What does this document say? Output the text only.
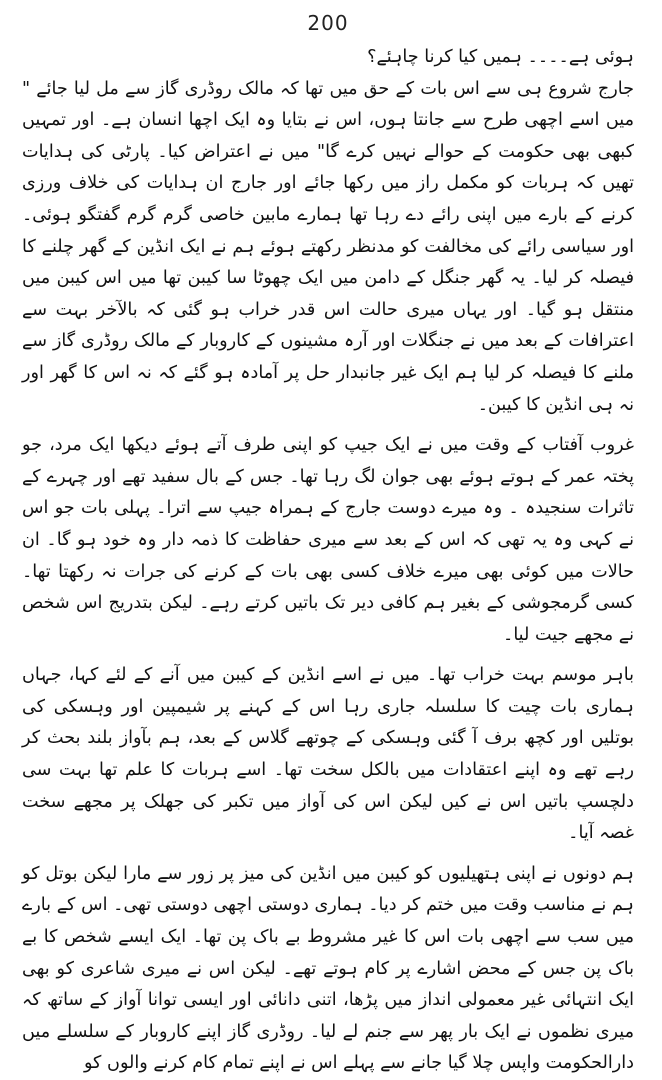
200

ہوئی ہے۔۔۔۔ ہمیں کیا کرنا چاہئے؟

جارج شروع ہی سے اس بات کے حق میں تھا کہ مالک روڈری گاز سے مل لیا جائے " میں اسے اچھی طرح سے جانتا ہوں، اس نے بتایا وہ ایک اچھا انسان ہے۔ اور تمہیں کبھی بھی حکومت کے حوالے نہیں کرے گا" میں نے اعتراض کیا۔ پارٹی کی ہدایات تھیں کہ ہربات کو مکمل راز میں رکھا جائے اور جارج ان ہدایات کی خلاف ورزی کرنے کے بارے میں اپنی رائے دے رہا تھا ہمارے مابین خاصی گرم گرم گفتگو ہوئی۔ اور سیاسی رائے کی مخالفت کو مدنظر رکھتے ہوئے ہم نے ایک انڈین کے گھر چلنے کا فیصلہ کر لیا۔ یہ گھر جنگل کے دامن میں ایک چھوٹا سا کیبن تھا میں اس کیبن میں منتقل ہو گیا۔ اور یہاں میری حالت اس قدر خراب ہو گئی کہ بالآخر بہت سے اعترافات کے بعد میں نے جنگلات اور آرہ مشینوں کے کاروبار کے مالک روڈری گاز سے ملنے کا فیصلہ کر لیا ہم ایک غیر جانبدار حل پر آمادہ ہو گئے کہ نہ اس کا گھر اور نہ ہی انڈین کا کیبن۔

غروب آفتاب کے وقت میں نے ایک جیپ کو اپنی طرف آتے ہوئے دیکھا ایک مرد، جو پختہ عمر کے ہوتے ہوئے بھی جوان لگ رہا تھا۔ جس کے بال سفید تھے اور چہرے کے تاثرات سنجیدہ ۔ وہ میرے دوست جارج کے ہمراہ جیپ سے اترا۔ پہلی بات جو اس نے کہی وہ یہ تھی کہ اس کے بعد سے میری حفاظت کا ذمہ دار وہ خود ہو گا۔ ان حالات میں کوئی بھی میرے خلاف کسی بھی بات کے کرنے کی جرات نہ رکھتا تھا۔ کسی گرمجوشی کے بغیر ہم کافی دیر تک باتیں کرتے رہے۔ لیکن بتدریج اس شخص نے مجھے جیت لیا۔

باہر موسم بہت خراب تھا۔ میں نے اسے انڈین کے کیبن میں آنے کے لئے کہا، جہاں ہماری بات چیت کا سلسلہ جاری رہا اس کے کہنے پر شیمپین اور وہسکی کی بوتلیں اور کچھ برف آ گئی وہسکی کے چوتھے گلاس کے بعد، ہم بآواز بلند بحث کر رہے تھے وہ اپنے اعتقادات میں بالکل سخت تھا۔ اسے ہربات کا علم تھا بہت سی دلچسپ باتیں اس نے کیں لیکن اس کی آواز میں تکبر کی جھلک پر مجھے سخت غصہ آیا۔

ہم دونوں نے اپنی ہتھیلیوں کو کیبن میں انڈین کی میز پر زور سے مارا لیکن بوتل کو ہم نے مناسب وقت میں ختم کر دیا۔ ہماری دوستی اچھی دوستی تھی۔ اس کے بارے میں سب سے اچھی بات اس کا غیر مشروط بے باک پن تھا۔ ایک ایسے شخص کا بے باک پن جس کے محض اشارے پر کام ہوتے تھے۔ لیکن اس نے میری شاعری کو بھی ایک انتہائی غیر معمولی انداز میں پڑھا، اتنی دانائی اور ایسی توانا آواز کے ساتھ کہ میری نظموں نے ایک بار پھر سے جنم لے لیا۔ روڈری گاز اپنے کاروبار کے سلسلے میں دارالحکومت واپس چلا گیا جانے سے پہلے اس نے اپنے تمام کام کرنے والوں کو
